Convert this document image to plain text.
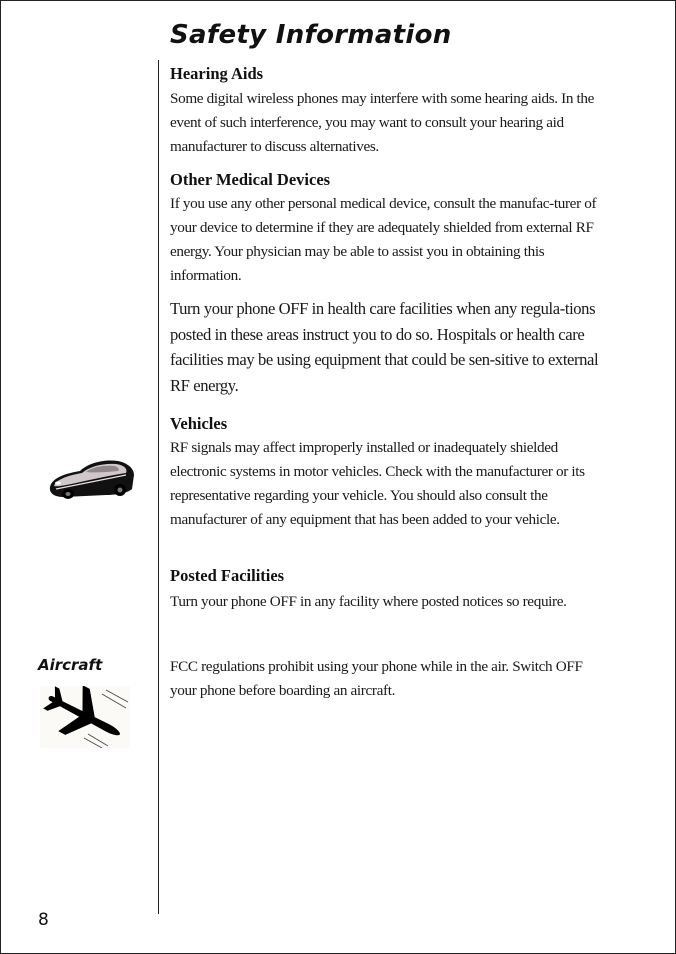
Safety Information
Hearing Aids
Some digital wireless phones may interfere with some hearing aids. In the event of such interference, you may want to consult your hearing aid manufacturer to discuss alternatives.
Other Medical Devices
If you use any other personal medical device, consult the manufac-turer of your device to determine if they are adequately shielded from external RF energy. Your physician may be able to assist you in obtaining this information.
Turn your phone OFF in health care facilities when any regula-tions posted in these areas instruct you to do so. Hospitals or health care facilities may be using equipment that could be sen-sitive to external RF energy.
Vehicles
RF signals may affect improperly installed or inadequately shielded electronic systems in motor vehicles. Check with the manufacturer or its representative regarding your vehicle. You should also consult the manufacturer of any equipment that has been added to your vehicle.
Posted Facilities
Turn your phone OFF in any facility where posted notices so require.
Aircraft	FCC regulations prohibit using your phone while in the air. Switch OFF your phone before boarding an aircraft.
8
